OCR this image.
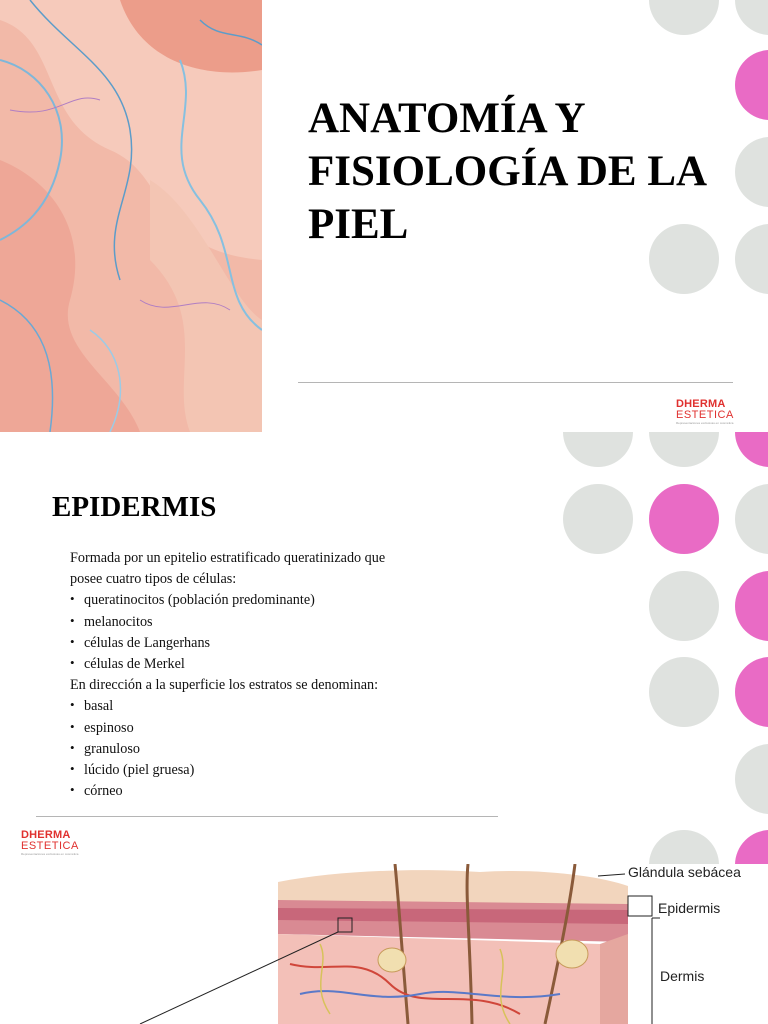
ANATOMÍA Y FISIOLOGÍA DE LA PIEL
DHERMA
ESTETICA
Representaciones exclusivas en cosmética
DHERMA
ESTETICA
Representaciones exclusivas en cosmética
EPIDERMIS
Formada por un epitelio estratificado queratinizado que
posee cuatro tipos de células:
• queratinocitos (población predominante)
• melanocitos
• células de Langerhans
• células de Merkel
En dirección a la superficie los estratos se denominan:
• basal
• espinoso
• granuloso
• lúcido (piel gruesa)
• córneo
Glándula sebácea
Epidermis
Dermis
